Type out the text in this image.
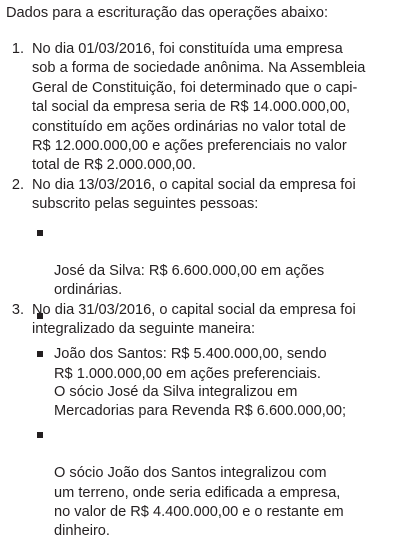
Dados para a escrituração das operações abaixo:
1. No dia 01/03/2016, foi constituída uma empresa
sob a forma de sociedade anônima. Na Assembleia
Geral de Constituição, foi determinado que o capi-
tal social da empresa seria de R$ 14.000.000,00,
constituído em ações ordinárias no valor total de
R$ 12.000.000,00 e ações preferenciais no valor
total de R$ 2.000.000,00.
2. No dia 13/03/2016, o capital social da empresa foi
subscrito pelas seguintes pessoas:

José da Silva: R$ 6.600.000,00 em ações
ordinárias.

João dos Santos: R$ 5.400.000,00, sendo
R$ 1.000.000,00 em ações preferenciais.

3. No dia 31/03/2016, o capital social da empresa foi
integralizado da seguinte maneira:

O sócio José da Silva integralizou em
Mercadorias para Revenda R$ 6.600.000,00;

O sócio João dos Santos integralizou com
um terreno, onde seria edificada a empresa,
no valor de R$ 4.400.000,00 e o restante em
dinheiro.
